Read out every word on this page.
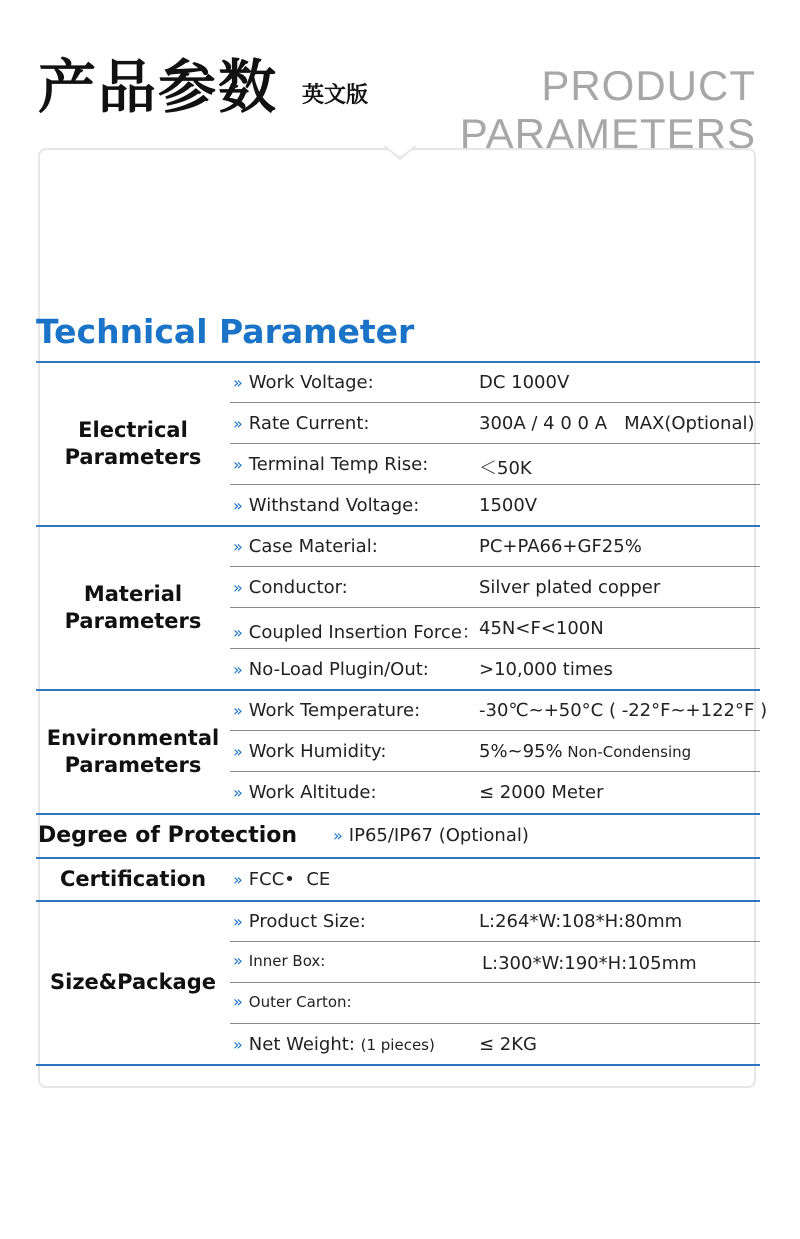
产品参数 英文版	PRODUCT
PARAMETERS
Technical Parameter
Electrical
Parameters
» Work Voltage:	DC 1000V
» Rate Current:	300A / 4 0 0 A   MAX(Optional)
» Terminal Temp Rise:	＜50K
» Withstand Voltage:	1500V
Material
Parameters
» Case Material:	PC+PA66+GF25%
» Conductor:	Silver plated copper
» Coupled Insertion Force： 45N<F<100N
» No-Load Plugin/Out:	>10,000 times
Environmental
Parameters
» Work Temperature:	-30℃~+50°C ( -22°F~+122°F )
» Work Humidity:	5%~95% Non-Condensing
» Work Altitude:	≤ 2000 Meter
Degree of Protection » IP65/IP67 (Optional)
Certification	» FCC•  CE
Size&Package
» Product Size:	L:264*W:108*H:80mm
» Inner Box:	L:300*W:190*H:105mm
» Outer Carton:
» Net Weight: (1 pieces) ≤ 2KG
